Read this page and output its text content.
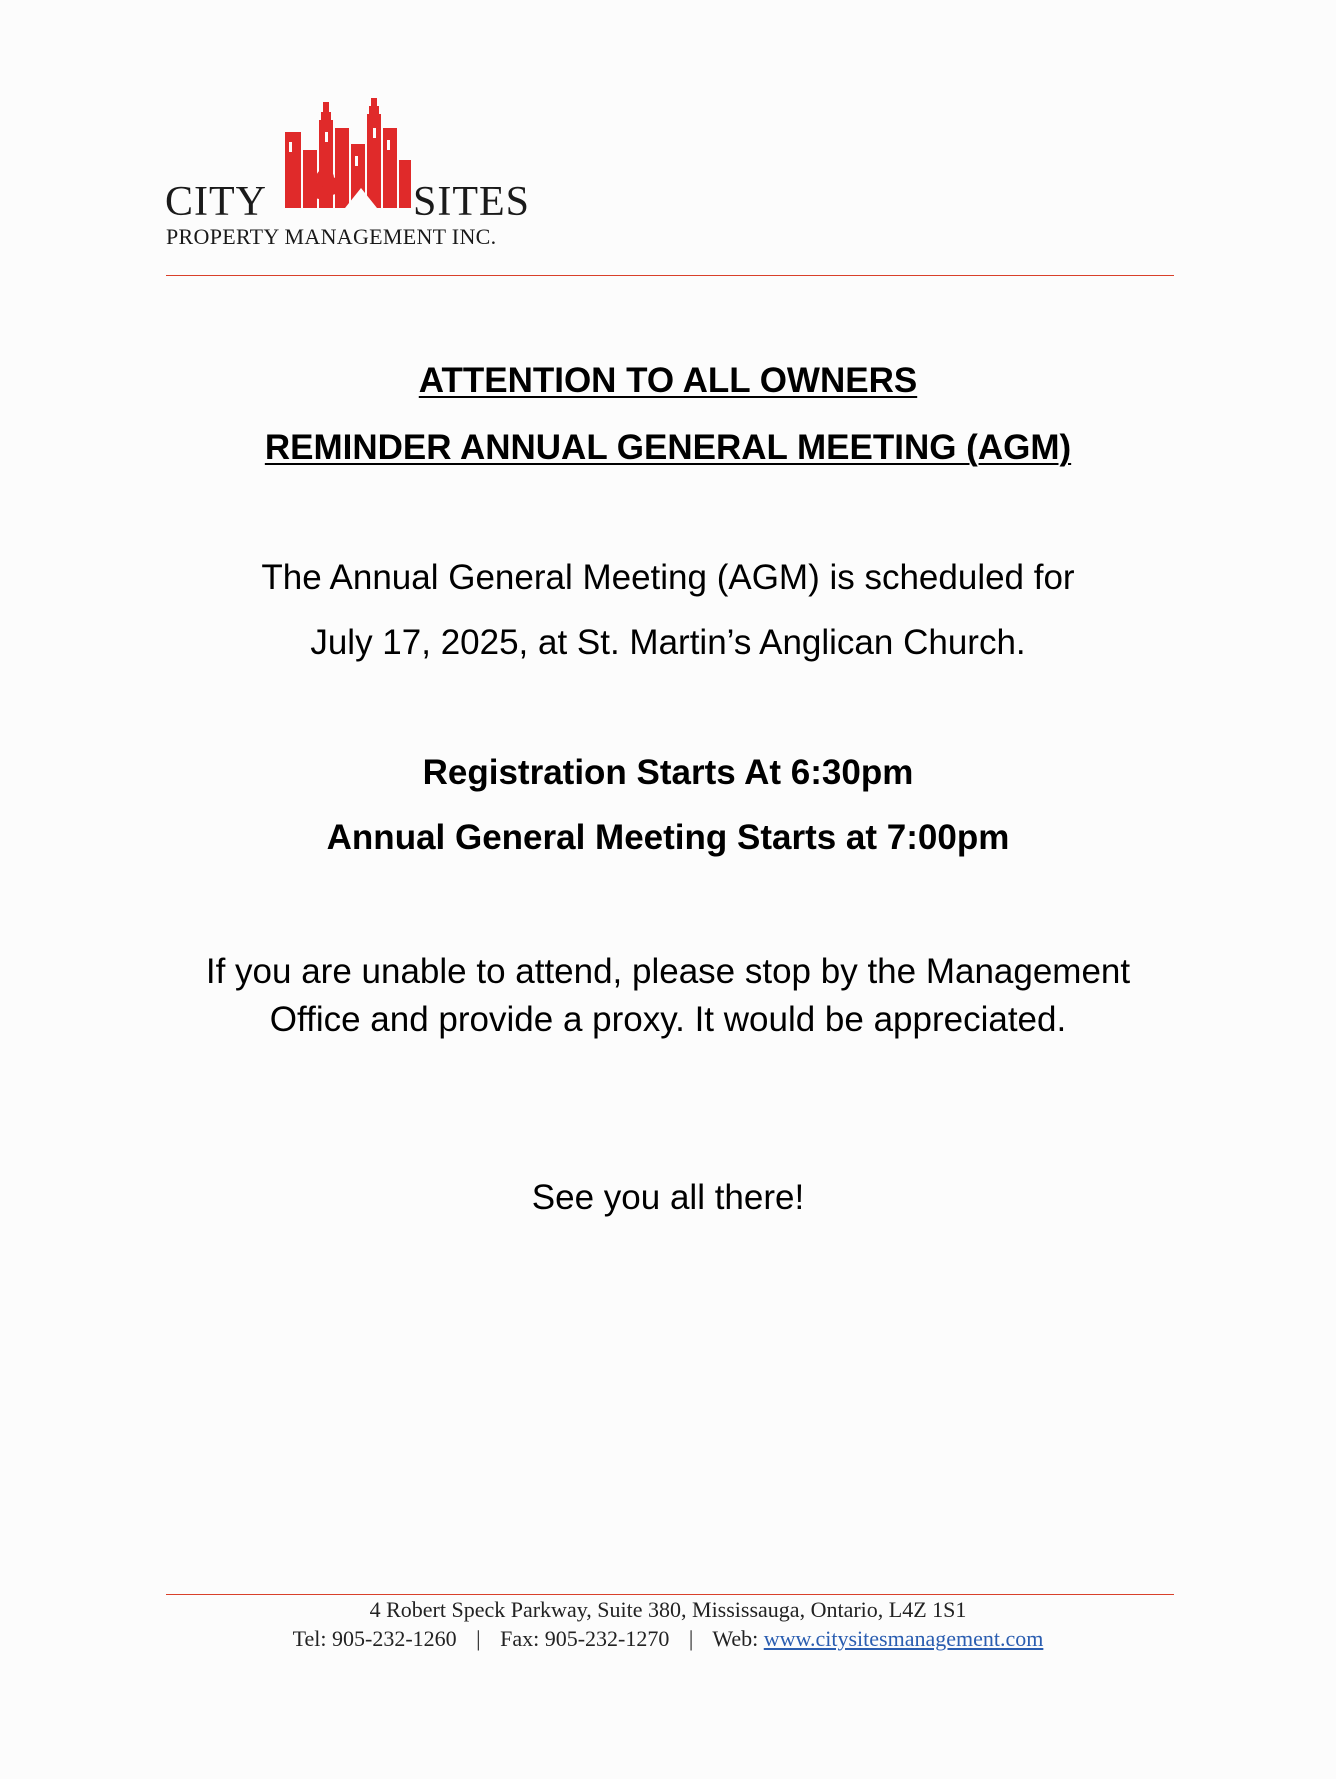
CITY	SITES
PROPERTY MANAGEMENT INC.
ATTENTION TO ALL OWNERS
REMINDER ANNUAL GENERAL MEETING (AGM)
The Annual General Meeting (AGM) is scheduled for
July 17, 2025, at St. Martin’s Anglican Church.
Registration Starts At 6:30pm
Annual General Meeting Starts at 7:00pm
If you are unable to attend, please stop by the Management Office and provide a proxy. It would be appreciated.
See you all there!
4 Robert Speck Parkway, Suite 380, Mississauga, Ontario, L4Z 1S1
Tel: 905-232-1260 | Fax: 905-232-1270 | Web: www.citysitesmanagement.com
